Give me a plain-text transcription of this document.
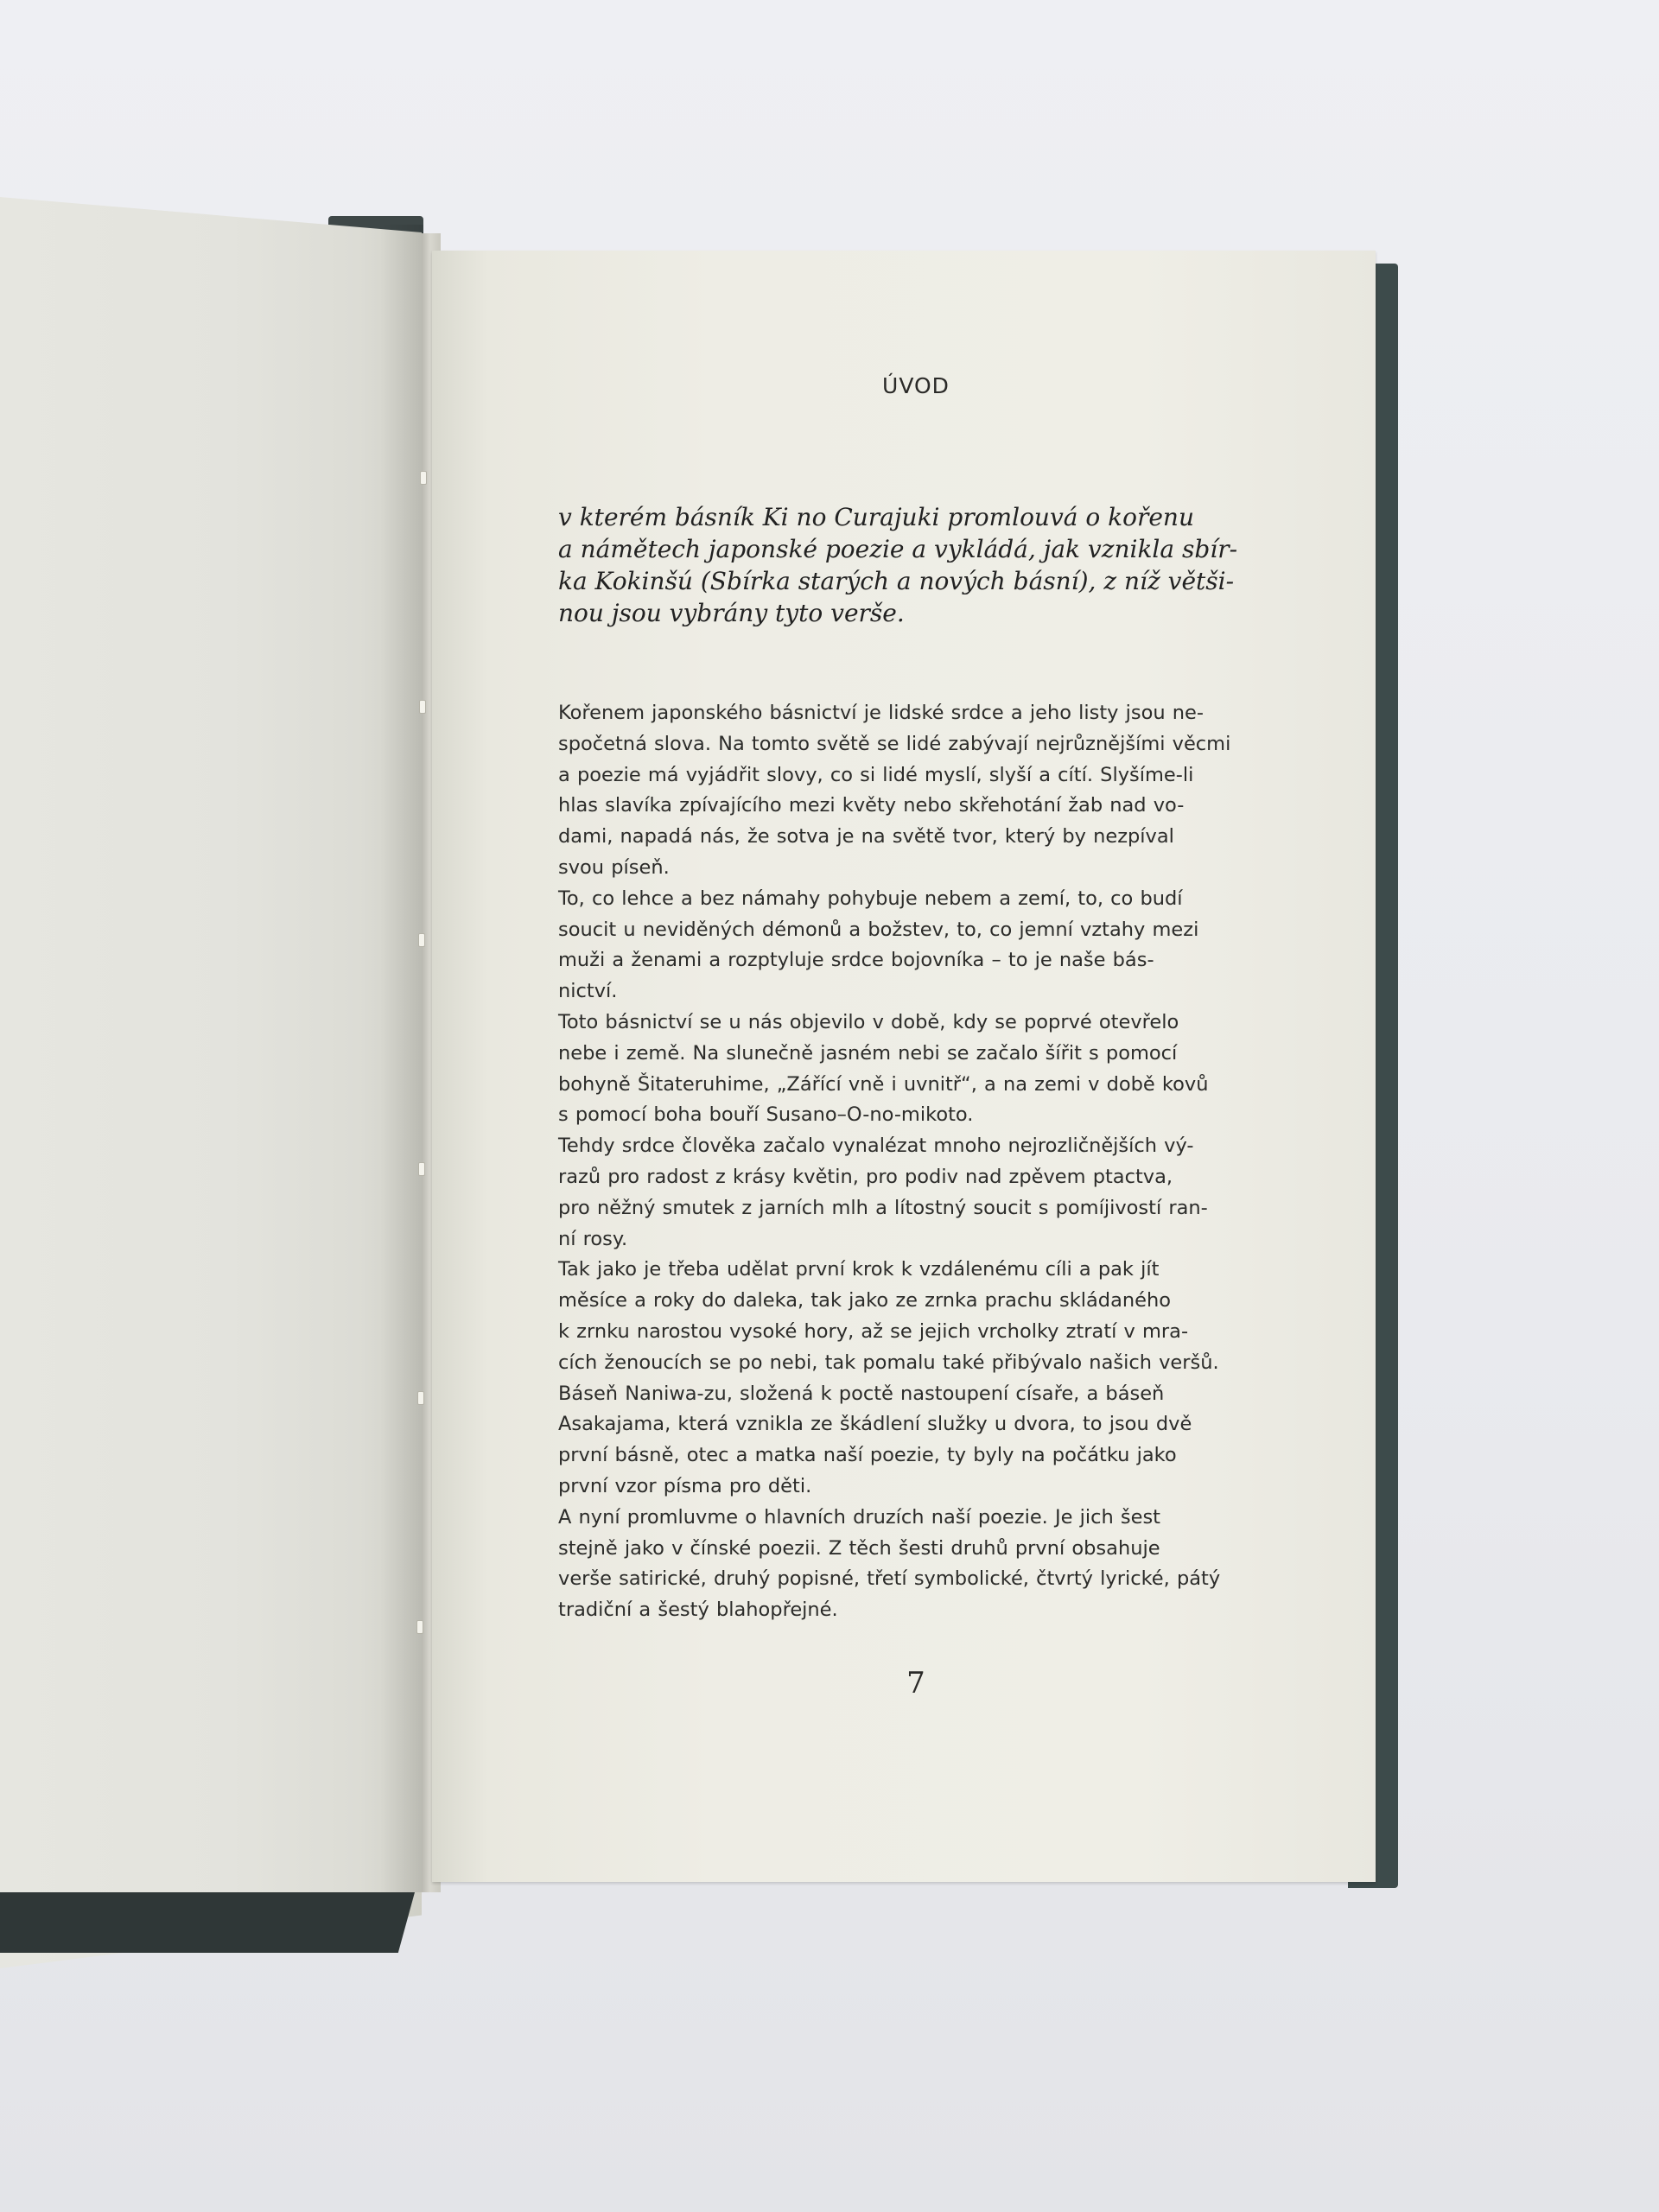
ÚVOD

v kterém básník Ki no Curajuki promlouvá o kořenu
a námětech japonské poezie a vykládá, jak vznikla sbír-
ka Kokinšú (Sbírka starých a nových básní), z níž větši-
nou jsou vybrány tyto verše.

Kořenem japonského básnictví je lidské srdce a jeho listy jsou ne-
spočetná slova. Na tomto světě se lidé zabývají nejrůznějšími věcmi
a poezie má vyjádřit slovy, co si lidé myslí, slyší a cítí. Slyšíme-li
hlas slavíka zpívajícího mezi květy nebo skřehotání žab nad vo-
dami, napadá nás, že sotva je na světě tvor, který by nezpíval
svou píseň.

To, co lehce a bez námahy pohybuje nebem a zemí, to, co budí
soucit u neviděných démonů a božstev, to, co jemní vztahy mezi
muži a ženami a rozptyluje srdce bojovníka – to je naše bás-
nictví.

Toto básnictví se u nás objevilo v době, kdy se poprvé otevřelo
nebe i země. Na slunečně jasném nebi se začalo šířit s pomocí
bohyně Šitateruhime, „Zářící vně i uvnitř“, a na zemi v době kovů
s pomocí boha bouří Susano–O-no-mikoto.

Tehdy srdce člověka začalo vynalézat mnoho nejrozličnějších vý-
razů pro radost z krásy květin, pro podiv nad zpěvem ptactva,
pro něžný smutek z jarních mlh a lítostný soucit s pomíjivostí ran-
ní rosy.

Tak jako je třeba udělat první krok k vzdálenému cíli a pak jít
měsíce a roky do daleka, tak jako ze zrnka prachu skládaného
k zrnku narostou vysoké hory, až se jejich vrcholky ztratí v mra-
cích ženoucích se po nebi, tak pomalu také přibývalo našich veršů.
Báseň Naniwa-zu, složená k poctě nastoupení císaře, a báseň
Asakajama, která vznikla ze škádlení služky u dvora, to jsou dvě
první básně, otec a matka naší poezie, ty byly na počátku jako
první vzor písma pro děti.

A nyní promluvme o hlavních druzích naší poezie. Je jich šest
stejně jako v čínské poezii. Z těch šesti druhů první obsahuje
verše satirické, druhý popisné, třetí symbolické, čtvrtý lyrické, pátý
tradiční a šestý blahopřejné.

7
